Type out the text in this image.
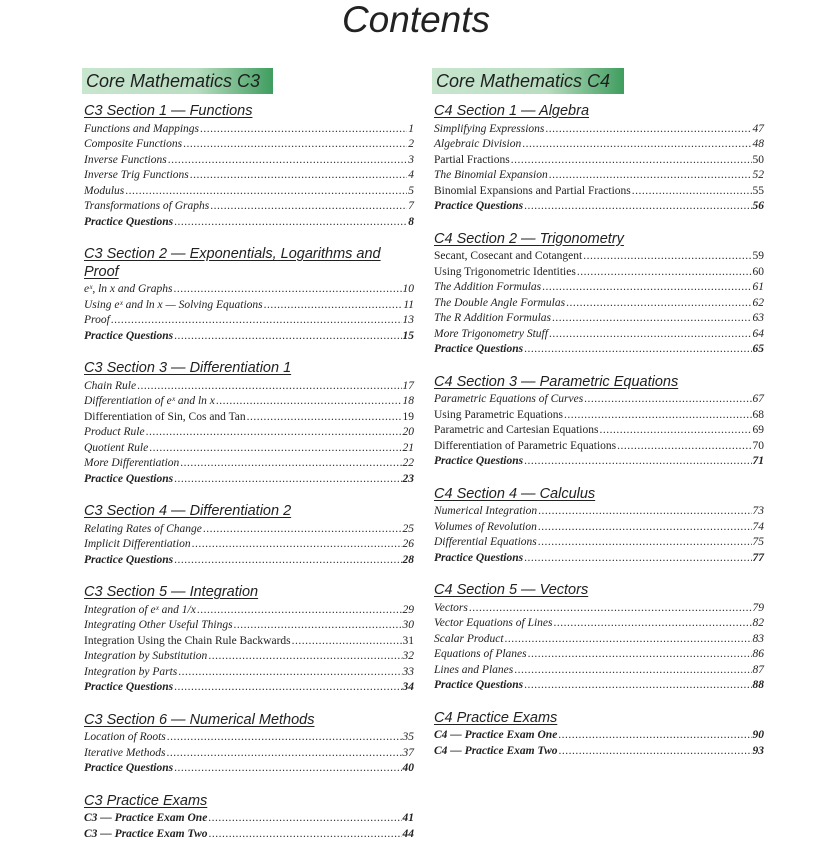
Contents
Core Mathematics C3
C3 Section 1 — Functions
Functions and Mappings .....	1
Composite Functions .....	2
Inverse Functions .....	3
Inverse Trig Functions .....	4
Modulus .....	5
Transformations of Graphs .....	7
Practice Questions .....	8
C3 Section 2 — Exponentials, Logarithms and Proof
eˣ, ln x and Graphs .....	10
Using eˣ and ln x — Solving Equations .....	11
Proof .....	13
Practice Questions .....	15
C3 Section 3 — Differentiation 1
Chain Rule .....	17
Differentiation of eˣ and ln x .....	18
Differentiation of Sin, Cos and Tan .....	19
Product Rule .....	20
Quotient Rule .....	21
More Differentiation .....	22
Practice Questions .....	23
C3 Section 4 — Differentiation 2
Relating Rates of Change .....	25
Implicit Differentiation .....	26
Practice Questions .....	28
C3 Section 5 — Integration
Integration of eˣ and 1/x .....	29
Integrating Other Useful Things .....	30
Integration Using the Chain Rule Backwards .....	31
Integration by Substitution .....	32
Integration by Parts .....	33
Practice Questions .....	34
C3 Section 6 — Numerical Methods
Location of Roots .....	35
Iterative Methods .....	37
Practice Questions .....	40
C3 Practice Exams
C3 — Practice Exam One .....	41
C3 — Practice Exam Two .....	44
Core Mathematics C4
C4 Section 1 — Algebra
Simplifying Expressions .....	47
Algebraic Division .....	48
Partial Fractions .....	50
The Binomial Expansion .....	52
Binomial Expansions and Partial Fractions .....	55
Practice Questions .....	56
C4 Section 2 — Trigonometry
Secant, Cosecant and Cotangent .....	59
Using Trigonometric Identities .....	60
The Addition Formulas .....	61
The Double Angle Formulas .....	62
The R Addition Formulas .....	63
More Trigonometry Stuff .....	64
Practice Questions .....	65
C4 Section 3 — Parametric Equations
Parametric Equations of Curves .....	67
Using Parametric Equations .....	68
Parametric and Cartesian Equations .....	69
Differentiation of Parametric Equations .....	70
Practice Questions .....	71
C4 Section 4 — Calculus
Numerical Integration .....	73
Volumes of Revolution .....	74
Differential Equations .....	75
Practice Questions .....	77
C4 Section 5 — Vectors
Vectors .....	79
Vector Equations of Lines .....	82
Scalar Product .....	83
Equations of Planes .....	86
Lines and Planes .....	87
Practice Questions .....	88
C4 Practice Exams
C4 — Practice Exam One .....	90
C4 — Practice Exam Two .....	93
